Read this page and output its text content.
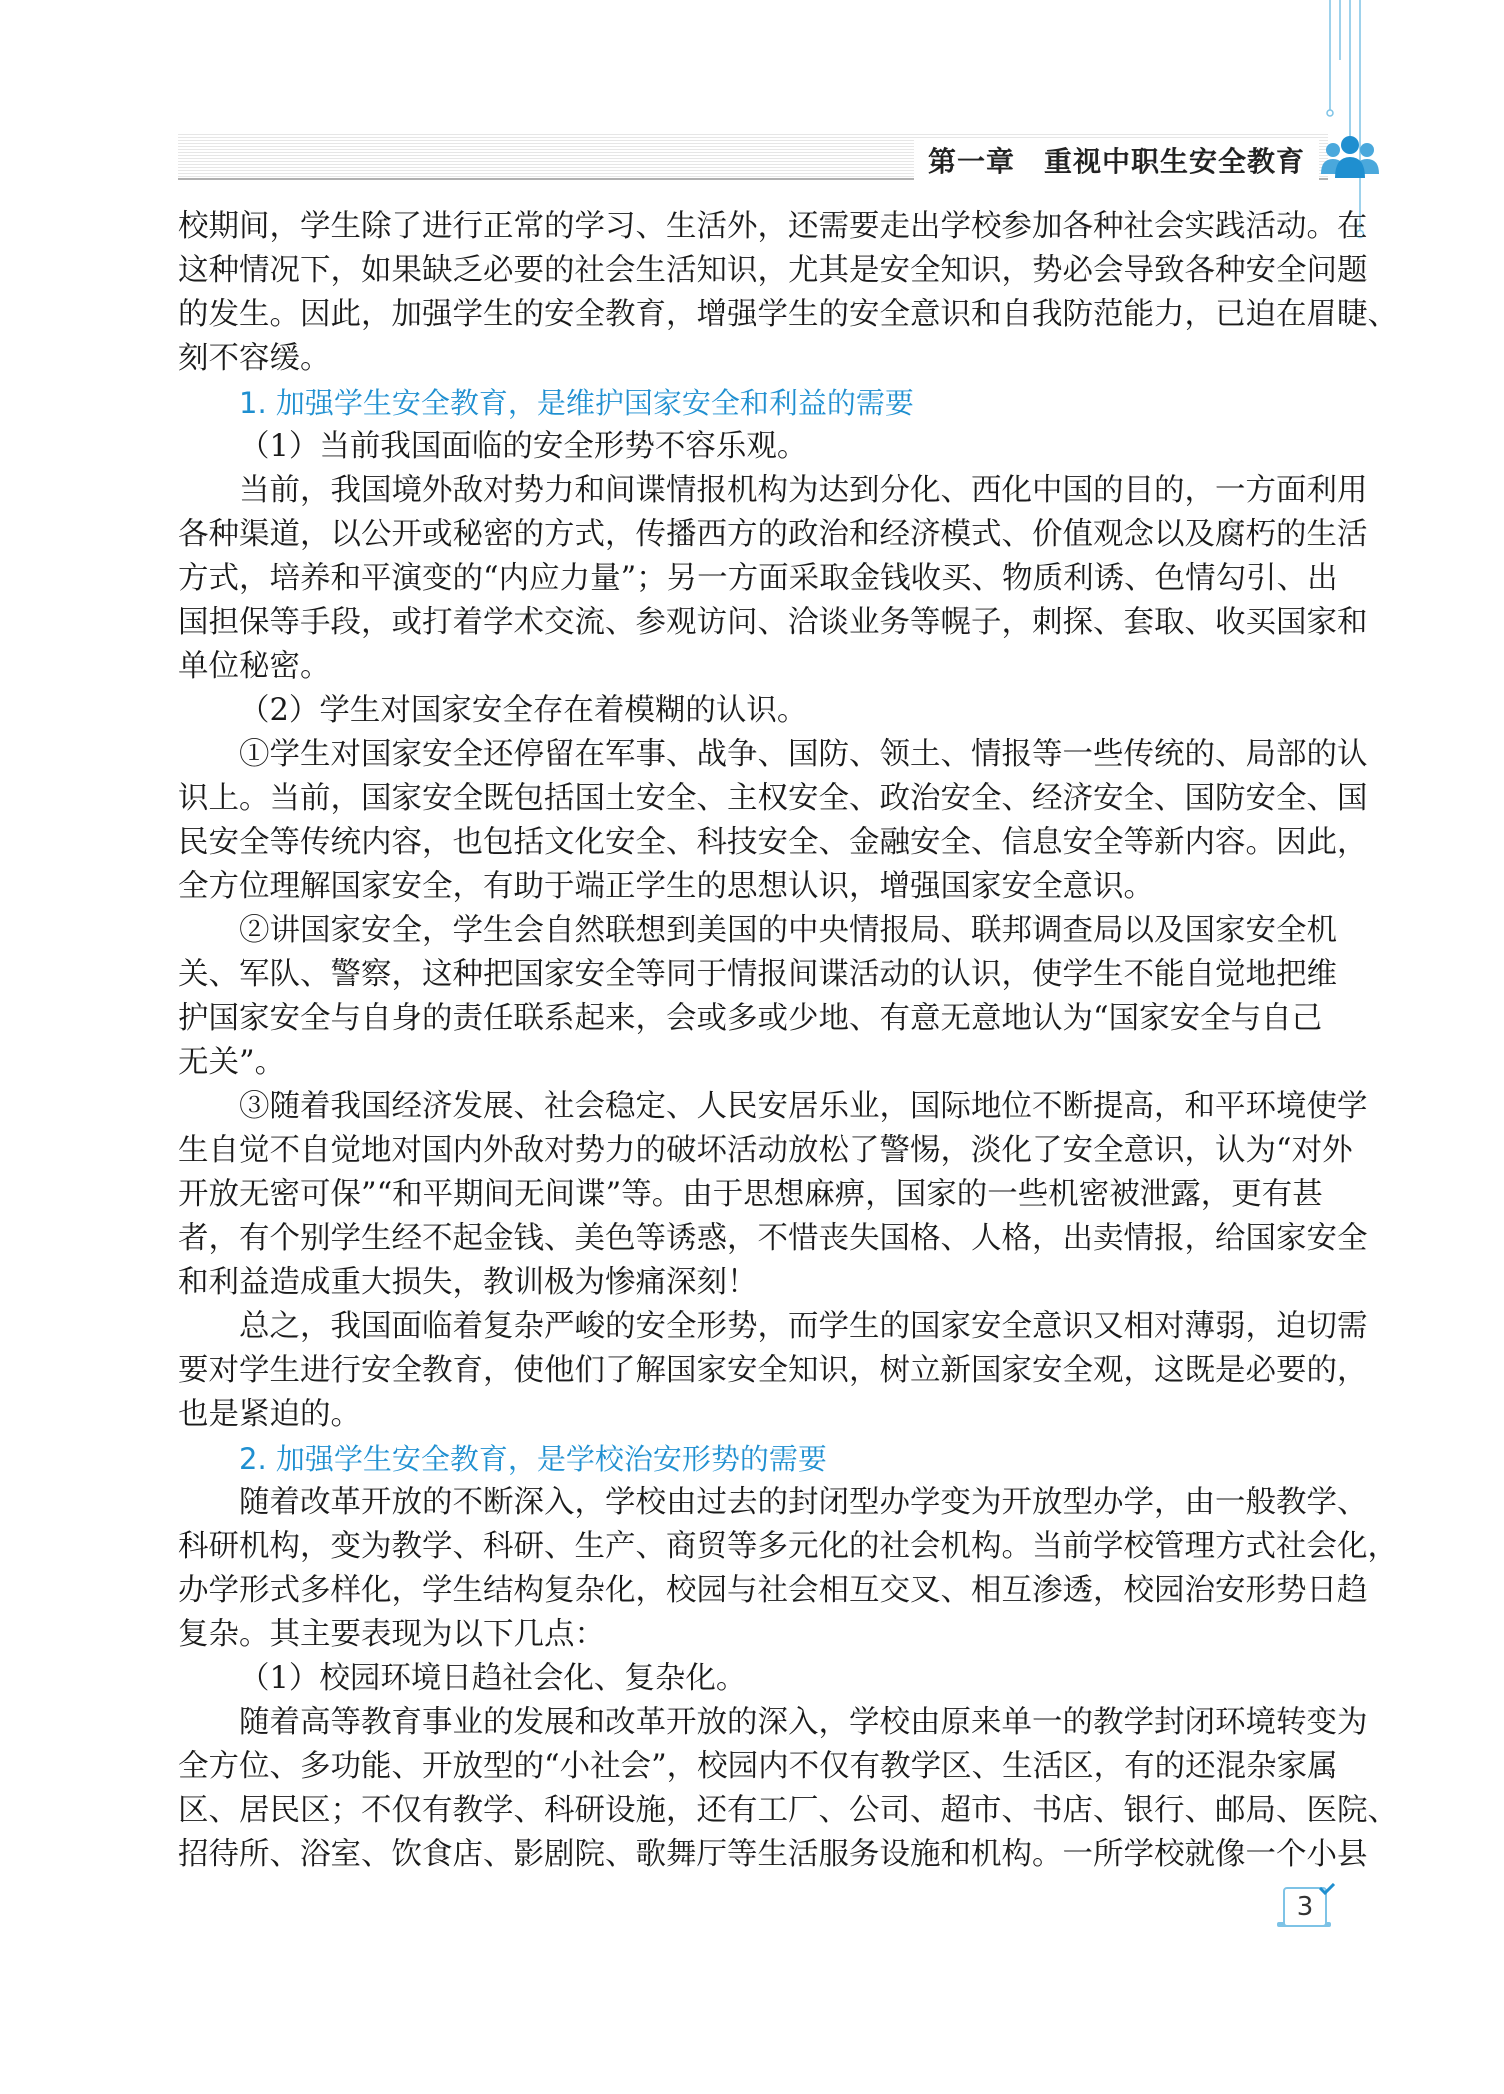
第一章　重视中职生安全教育
校期间，学生除了进行正常的学习、生活外，还需要走出学校参加各种社会实践活动。在
这种情况下，如果缺乏必要的社会生活知识，尤其是安全知识，势必会导致各种安全问题
的发生。因此，加强学生的安全教育，增强学生的安全意识和自我防范能力，已迫在眉睫、
刻不容缓。
1. 加强学生安全教育，是维护国家安全和利益的需要
（1）当前我国面临的安全形势不容乐观。
当前，我国境外敌对势力和间谍情报机构为达到分化、西化中国的目的，一方面利用
各种渠道，以公开或秘密的方式，传播西方的政治和经济模式、价值观念以及腐朽的生活
方式，培养和平演变的“内应力量”；另一方面采取金钱收买、物质利诱、色情勾引、出
国担保等手段，或打着学术交流、参观访问、洽谈业务等幌子，刺探、套取、收买国家和
单位秘密。
（2）学生对国家安全存在着模糊的认识。
①学生对国家安全还停留在军事、战争、国防、领土、情报等一些传统的、局部的认
识上。当前，国家安全既包括国土安全、主权安全、政治安全、经济安全、国防安全、国
民安全等传统内容，也包括文化安全、科技安全、金融安全、信息安全等新内容。因此，
全方位理解国家安全，有助于端正学生的思想认识，增强国家安全意识。
②讲国家安全，学生会自然联想到美国的中央情报局、联邦调查局以及国家安全机
关、军队、警察，这种把国家安全等同于情报间谍活动的认识，使学生不能自觉地把维
护国家安全与自身的责任联系起来，会或多或少地、有意无意地认为“国家安全与自己
无关”。
③随着我国经济发展、社会稳定、人民安居乐业，国际地位不断提高，和平环境使学
生自觉不自觉地对国内外敌对势力的破坏活动放松了警惕，淡化了安全意识，认为“对外
开放无密可保”“和平期间无间谍”等。由于思想麻痹，国家的一些机密被泄露，更有甚
者，有个别学生经不起金钱、美色等诱惑，不惜丧失国格、人格，出卖情报，给国家安全
和利益造成重大损失，教训极为惨痛深刻！
总之，我国面临着复杂严峻的安全形势，而学生的国家安全意识又相对薄弱，迫切需
要对学生进行安全教育，使他们了解国家安全知识，树立新国家安全观，这既是必要的，
也是紧迫的。
2. 加强学生安全教育，是学校治安形势的需要
随着改革开放的不断深入，学校由过去的封闭型办学变为开放型办学，由一般教学、
科研机构，变为教学、科研、生产、商贸等多元化的社会机构。当前学校管理方式社会化，
办学形式多样化，学生结构复杂化，校园与社会相互交叉、相互渗透，校园治安形势日趋
复杂。其主要表现为以下几点：
（1）校园环境日趋社会化、复杂化。
随着高等教育事业的发展和改革开放的深入，学校由原来单一的教学封闭环境转变为
全方位、多功能、开放型的“小社会”，校园内不仅有教学区、生活区，有的还混杂家属
区、居民区；不仅有教学、科研设施，还有工厂、公司、超市、书店、银行、邮局、医院、
招待所、浴室、饮食店、影剧院、歌舞厅等生活服务设施和机构。一所学校就像一个小县
3
